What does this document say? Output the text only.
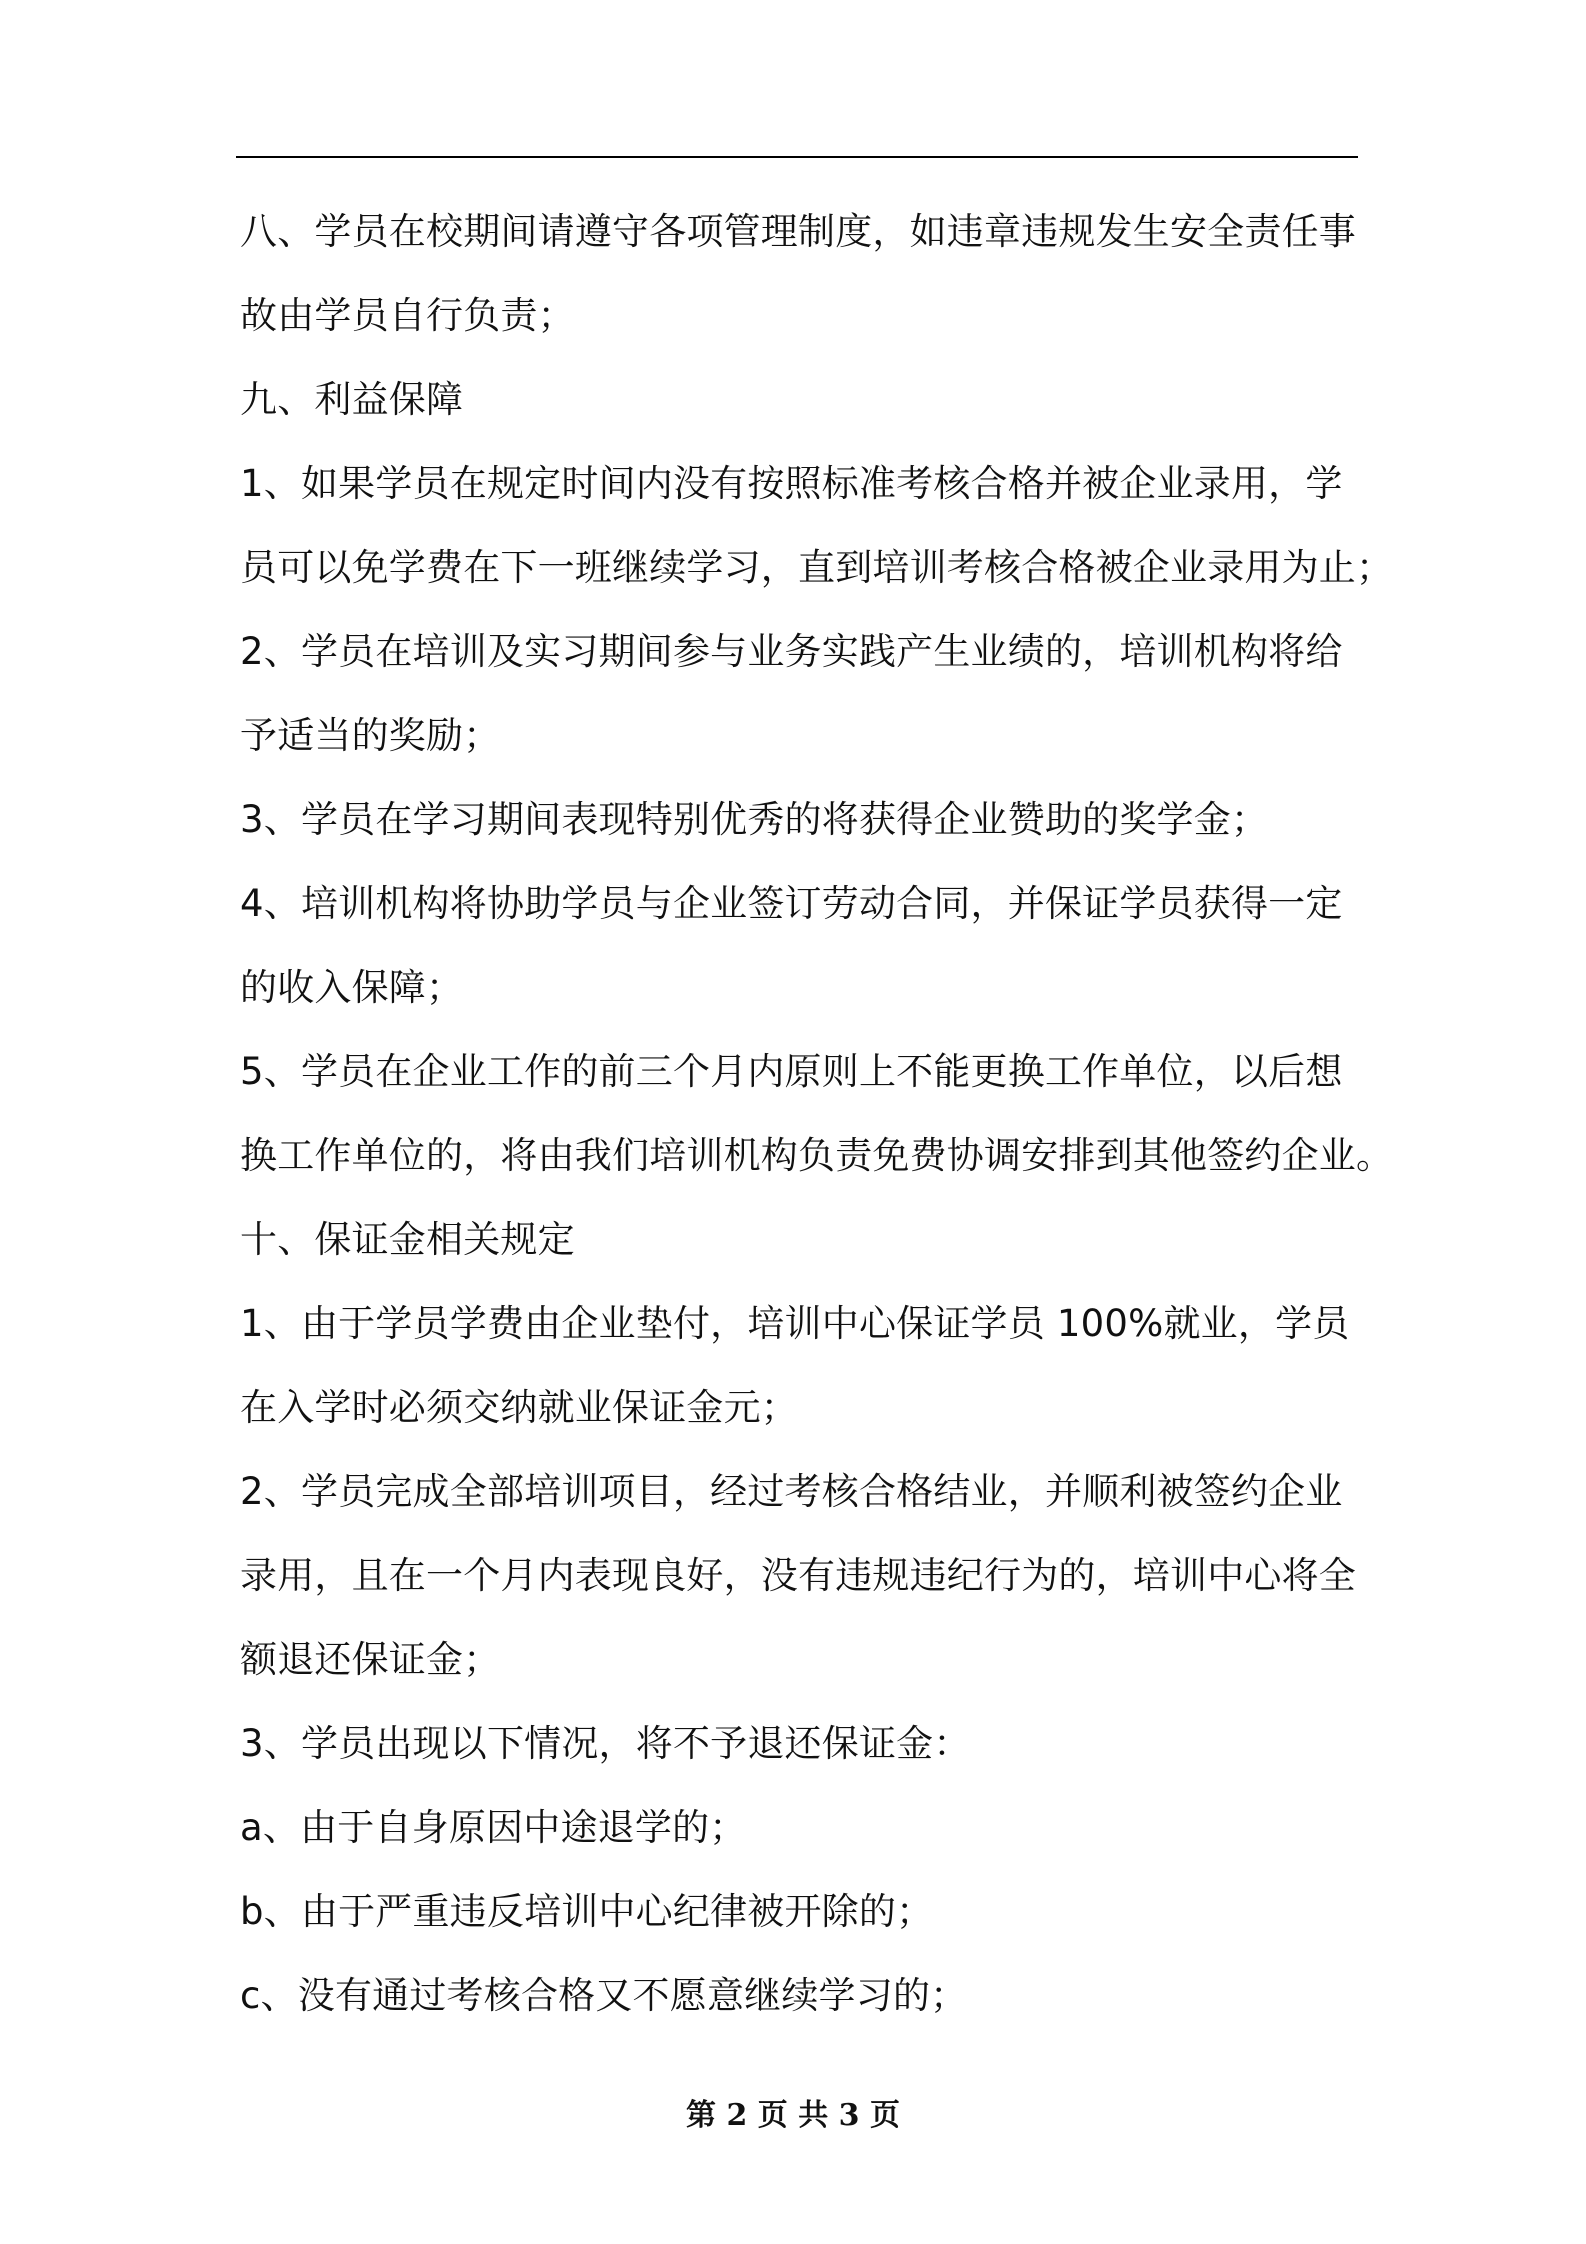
八、学员在校期间请遵守各项管理制度，如违章违规发生安全责任事
故由学员自行负责；
九、利益保障
1、如果学员在规定时间内没有按照标准考核合格并被企业录用，学
员可以免学费在下一班继续学习，直到培训考核合格被企业录用为止；
2、学员在培训及实习期间参与业务实践产生业绩的，培训机构将给
予适当的奖励；
3、学员在学习期间表现特别优秀的将获得企业赞助的奖学金；
4、培训机构将协助学员与企业签订劳动合同，并保证学员获得一定
的收入保障；
5、学员在企业工作的前三个月内原则上不能更换工作单位，以后想
换工作单位的，将由我们培训机构负责免费协调安排到其他签约企业。
十、保证金相关规定
1、由于学员学费由企业垫付，培训中心保证学员 100%就业，学员
在入学时必须交纳就业保证金元；
2、学员完成全部培训项目，经过考核合格结业，并顺利被签约企业
录用，且在一个月内表现良好，没有违规违纪行为的，培训中心将全
额退还保证金；
3、学员出现以下情况，将不予退还保证金：
a、由于自身原因中途退学的；
b、由于严重违反培训中心纪律被开除的；
c、没有通过考核合格又不愿意继续学习的；
第 2 页 共 3 页
